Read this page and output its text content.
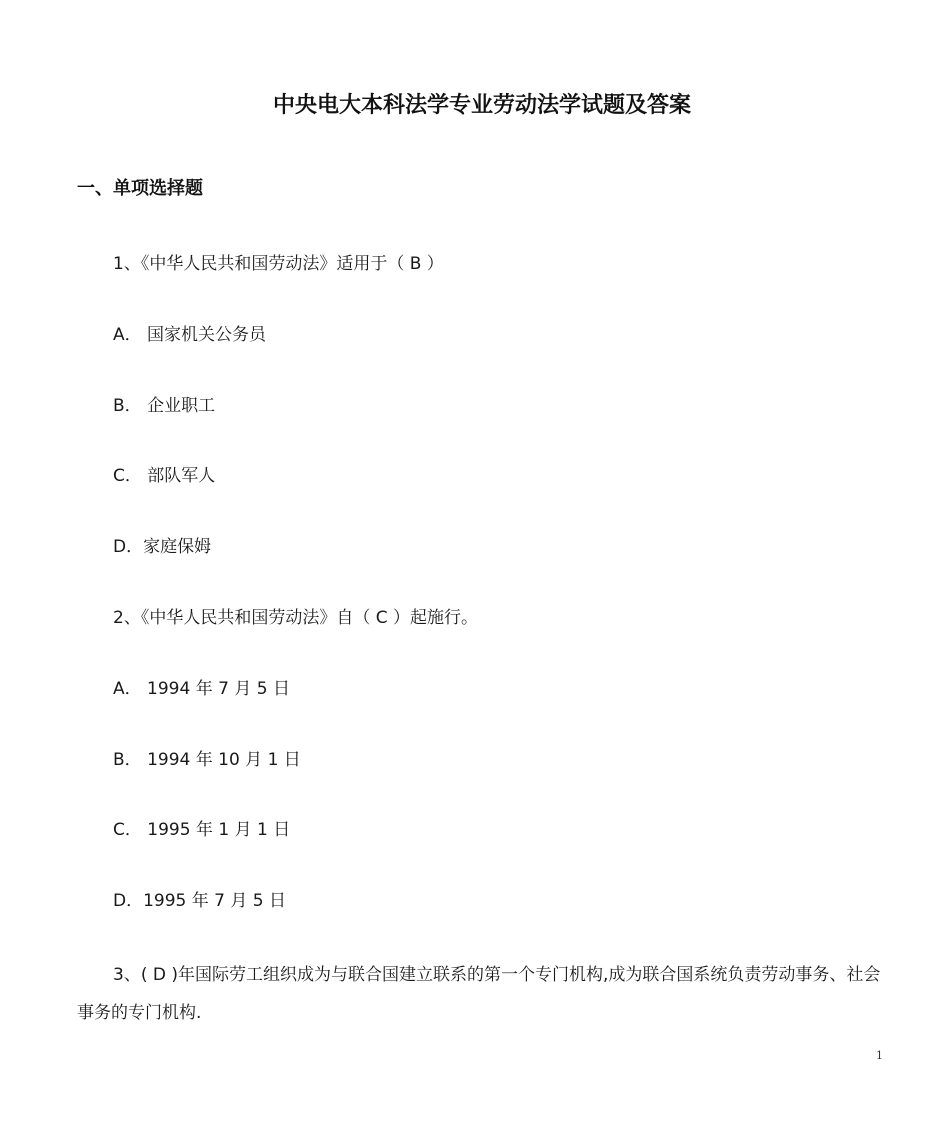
中央电大本科法学专业劳动法学试题及答案
一、单项选择题
1、《中华人民共和国劳动法》适用于（ B ）
A． 国家机关公务员
B． 企业职工
C． 部队军人
D．家庭保姆
2、《中华人民共和国劳动法》自（ C ）起施行。
A． 1994 年 7 月 5 日
B． 1994 年 10 月 1 日
C． 1995 年 1 月 1 日
D．1995 年 7 月 5 日
3、( D )年国际劳工组织成为与联合国建立联系的第一个专门机构,成为联合国系统负责劳动事务、社会事务的专门机构.
1
